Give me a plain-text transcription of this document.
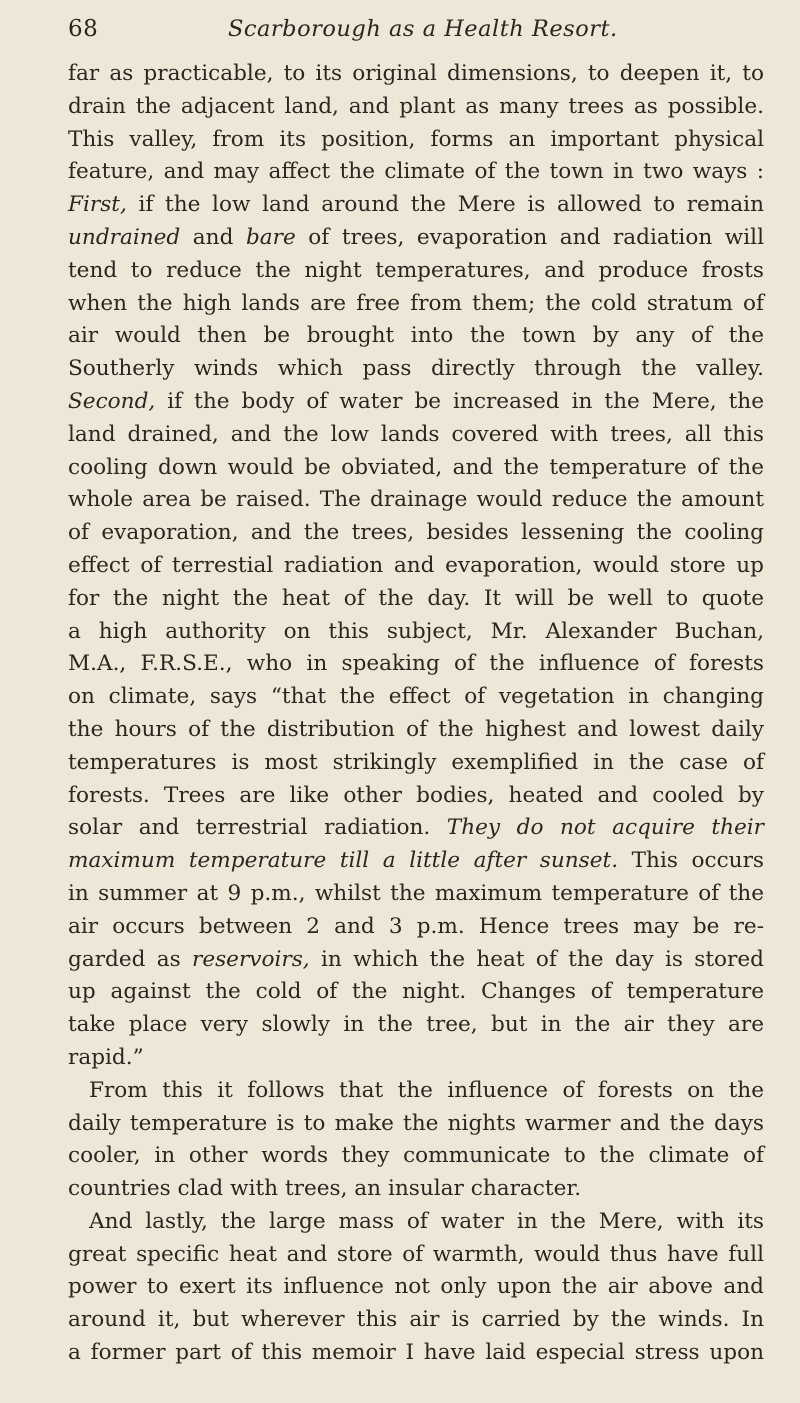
68	Scarborough as a Health Resort.
far as practicable, to its original dimensions, to deepen it, to
drain the adjacent land, and plant as many trees as possible.
This valley, from its position, forms an important physical
feature, and may affect the climate of the town in two ways :
First, if the low land around the Mere is allowed to remain
undrained and bare of trees, evaporation and radiation will
tend to reduce the night temperatures, and produce frosts
when the high lands are free from them; the cold stratum of
air would then be brought into the town by any of the
Southerly winds which pass directly through the valley.
Second, if the body of water be increased in the Mere, the
land drained, and the low lands covered with trees, all this
cooling down would be obviated, and the temperature of the
whole area be raised. The drainage would reduce the amount
of evaporation, and the trees, besides lessening the cooling
effect of terrestial radiation and evaporation, would store up
for the night the heat of the day. It will be well to quote
a high authority on this subject, Mr. Alexander Buchan,
M.A., F.R.S.E., who in speaking of the influence of forests
on climate, says “that the effect of vegetation in changing
the hours of the distribution of the highest and lowest daily
temperatures is most strikingly exemplified in the case of
forests. Trees are like other bodies, heated and cooled by
solar and terrestrial radiation. They do not acquire their
maximum temperature till a little after sunset. This occurs
in summer at 9 p.m., whilst the maximum temperature of the
air occurs between 2 and 3 p.m. Hence trees may be re-
garded as reservoirs, in which the heat of the day is stored
up against the cold of the night. Changes of temperature
take place very slowly in the tree, but in the air they are
rapid.”
From this it follows that the influence of forests on the
daily temperature is to make the nights warmer and the days
cooler, in other words they communicate to the climate of
countries clad with trees, an insular character.
And lastly, the large mass of water in the Mere, with its
great specific heat and store of warmth, would thus have full
power to exert its influence not only upon the air above and
around it, but wherever this air is carried by the winds. In
a former part of this memoir I have laid especial stress upon
